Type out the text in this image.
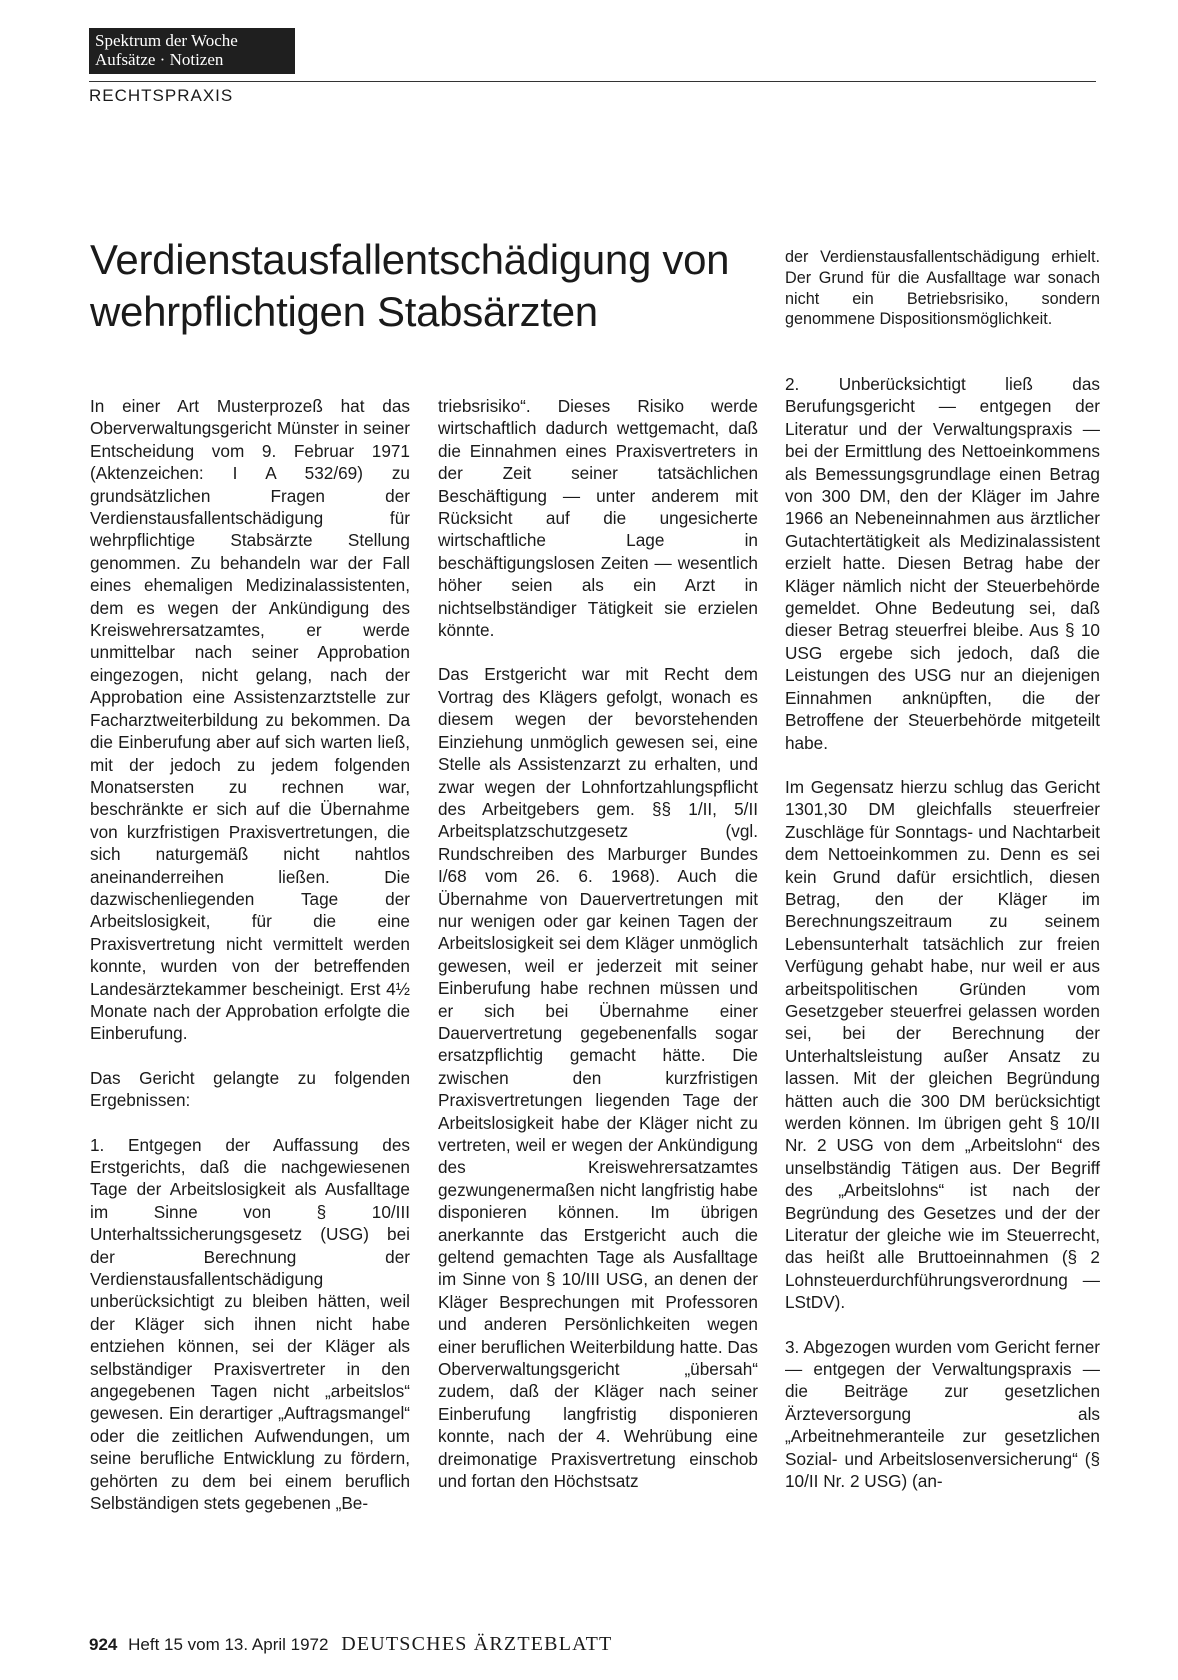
Spektrum der Woche
Aufsätze · Notizen
RECHTSPRAXIS
Verdienstausfallentschädigung von wehrpflichtigen Stabsärzten

der Verdienstausfallentschädigung erhielt. Der Grund für die Ausfalltage war sonach nicht ein Betriebsrisiko, sondern genommene Dispositionsmöglichkeit.

In einer Art Musterprozeß hat das Oberverwaltungsgericht Münster in seiner Entscheidung vom 9. Februar 1971 (Aktenzeichen: I A 532/69) zu grundsätzlichen Fragen der Verdienstausfallentschädigung für wehrpflichtige Stabsärzte Stellung genommen. Zu behandeln war der Fall eines ehemaligen Medizinalassistenten, dem es wegen der Ankündigung des Kreiswehrersatzamtes, er werde unmittelbar nach seiner Approbation eingezogen, nicht gelang, nach der Approbation eine Assistenzarztstelle zur Facharztweiterbildung zu bekommen. Da die Einberufung aber auf sich warten ließ, mit der jedoch zu jedem folgenden Monatsersten zu rechnen war, beschränkte er sich auf die Übernahme von kurzfristigen Praxisvertretungen, die sich naturgemäß nicht nahtlos aneinanderreihen ließen. Die dazwischenliegenden Tage der Arbeitslosigkeit, für die eine Praxisvertretung nicht vermittelt werden konnte, wurden von der betreffenden Landesärztekammer bescheinigt. Erst 4½ Monate nach der Approbation erfolgte die Einberufung.

Das Gericht gelangte zu folgenden Ergebnissen:

1. Entgegen der Auffassung des Erstgerichts, daß die nachgewiesenen Tage der Arbeitslosigkeit als Ausfalltage im Sinne von § 10/III Unterhaltssicherungsgesetz (USG) bei der Berechnung der Verdienstausfallentschädigung unberücksichtigt zu bleiben hätten, weil der Kläger sich ihnen nicht habe entziehen können, sei der Kläger als selbständiger Praxisvertreter in den angegebenen Tagen nicht „arbeitslos“ gewesen. Ein derartiger „Auftragsmangel“ oder die zeitlichen Aufwendungen, um seine berufliche Entwicklung zu fördern, gehörten zu dem bei einem beruflich Selbständigen stets gegebenen „Be-

triebsrisiko“. Dieses Risiko werde wirtschaftlich dadurch wettgemacht, daß die Einnahmen eines Praxisvertreters in der Zeit seiner tatsächlichen Beschäftigung — unter anderem mit Rücksicht auf die ungesicherte wirtschaftliche Lage in beschäftigungslosen Zeiten — wesentlich höher seien als ein Arzt in nichtselbständiger Tätigkeit sie erzielen könnte.

Das Erstgericht war mit Recht dem Vortrag des Klägers gefolgt, wonach es diesem wegen der bevorstehenden Einziehung unmöglich gewesen sei, eine Stelle als Assistenzarzt zu erhalten, und zwar wegen der Lohnfortzahlungspflicht des Arbeitgebers gem. §§ 1/II, 5/II Arbeitsplatzschutzgesetz (vgl. Rundschreiben des Marburger Bundes I/68 vom 26. 6. 1968). Auch die Übernahme von Dauervertretungen mit nur wenigen oder gar keinen Tagen der Arbeitslosigkeit sei dem Kläger unmöglich gewesen, weil er jederzeit mit seiner Einberufung habe rechnen müssen und er sich bei Übernahme einer Dauervertretung gegebenenfalls sogar ersatzpflichtig gemacht hätte. Die zwischen den kurzfristigen Praxisvertretungen liegenden Tage der Arbeitslosigkeit habe der Kläger nicht zu vertreten, weil er wegen der Ankündigung des Kreiswehrersatzamtes gezwungenermaßen nicht langfristig habe disponieren können. Im übrigen anerkannte das Erstgericht auch die geltend gemachten Tage als Ausfalltage im Sinne von § 10/III USG, an denen der Kläger Besprechungen mit Professoren und anderen Persönlichkeiten wegen einer beruflichen Weiterbildung hatte. Das Oberverwaltungsgericht „übersah“ zudem, daß der Kläger nach seiner Einberufung langfristig disponieren konnte, nach der 4. Wehrübung eine dreimonatige Praxisvertretung einschob und fortan den Höchstsatz

2. Unberücksichtigt ließ das Berufungsgericht — entgegen der Literatur und der Verwaltungspraxis — bei der Ermittlung des Nettoeinkommens als Bemessungsgrundlage einen Betrag von 300 DM, den der Kläger im Jahre 1966 an Nebeneinnahmen aus ärztlicher Gutachtertätigkeit als Medizinalassistent erzielt hatte. Diesen Betrag habe der Kläger nämlich nicht der Steuerbehörde gemeldet. Ohne Bedeutung sei, daß dieser Betrag steuerfrei bleibe. Aus § 10 USG ergebe sich jedoch, daß die Leistungen des USG nur an diejenigen Einnahmen anknüpften, die der Betroffene der Steuerbehörde mitgeteilt habe.

Im Gegensatz hierzu schlug das Gericht 1301,30 DM gleichfalls steuerfreier Zuschläge für Sonntags- und Nachtarbeit dem Nettoeinkommen zu. Denn es sei kein Grund dafür ersichtlich, diesen Betrag, den der Kläger im Berechnungszeitraum zu seinem Lebensunterhalt tatsächlich zur freien Verfügung gehabt habe, nur weil er aus arbeitspolitischen Gründen vom Gesetzgeber steuerfrei gelassen worden sei, bei der Berechnung der Unterhaltsleistung außer Ansatz zu lassen. Mit der gleichen Begründung hätten auch die 300 DM berücksichtigt werden können. Im übrigen geht § 10/II Nr. 2 USG von dem „Arbeitslohn“ des unselbständig Tätigen aus. Der Begriff des „Arbeitslohns“ ist nach der Begründung des Gesetzes und der der Literatur der gleiche wie im Steuerrecht, das heißt alle Bruttoeinnahmen (§ 2 Lohnsteuerdurchführungsverordnung — LStDV).

3. Abgezogen wurden vom Gericht ferner — entgegen der Verwaltungspraxis — die Beiträge zur gesetzlichen Ärzteversorgung als „Arbeitnehmeranteile zur gesetzlichen Sozial- und Arbeitslosenversicherung“ (§ 10/II Nr. 2 USG) (an-

924 Heft 15 vom 13. April 1972 DEUTSCHES ÄRZTEBLATT
